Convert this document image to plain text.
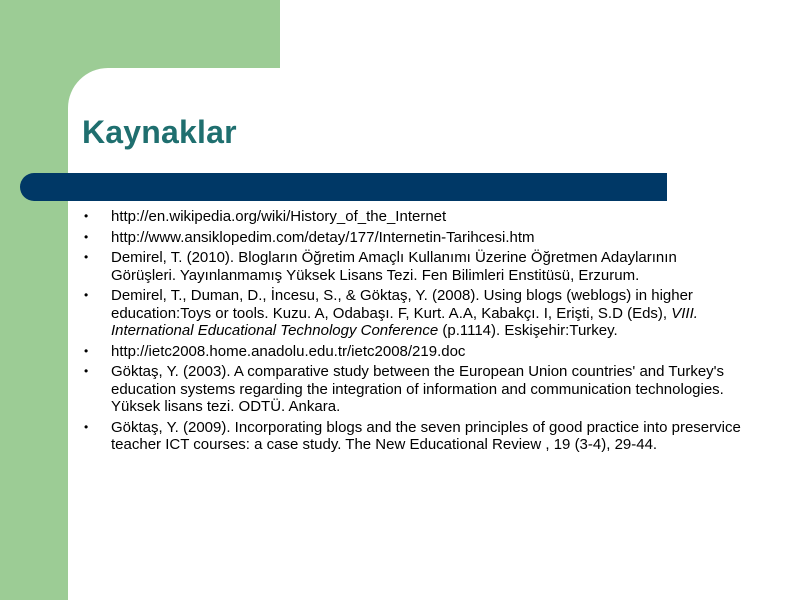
Kaynaklar
• http://en.wikipedia.org/wiki/History_of_the_Internet
• http://www.ansiklopedim.com/detay/177/Internetin-Tarihcesi.htm
• Demirel, T. (2010). Blogların Öğretim Amaçlı Kullanımı Üzerine Öğretmen Adaylarının Görüşleri. Yayınlanmamış Yüksek Lisans Tezi. Fen Bilimleri Enstitüsü, Erzurum.
• Demirel, T., Duman, D., İncesu, S., & Göktaş, Y. (2008). Using blogs (weblogs) in higher education:Toys or tools. Kuzu. A, Odabaşı. F, Kurt. A.A, Kabakçı. I, Erişti, S.D (Eds), VIII. International Educational Technology Conference (p.1114). Eskişehir:Turkey.
• http://ietc2008.home.anadolu.edu.tr/ietc2008/219.doc
• Göktaş, Y. (2003). A comparative study between the European Union countries' and Turkey's education systems regarding the integration of information and communication technologies. Yüksek lisans tezi. ODTÜ. Ankara.
• Göktaş, Y. (2009). Incorporating blogs and the seven principles of good practice into preservice teacher ICT courses: a case study. The New Educational Review , 19 (3-4), 29-44.
